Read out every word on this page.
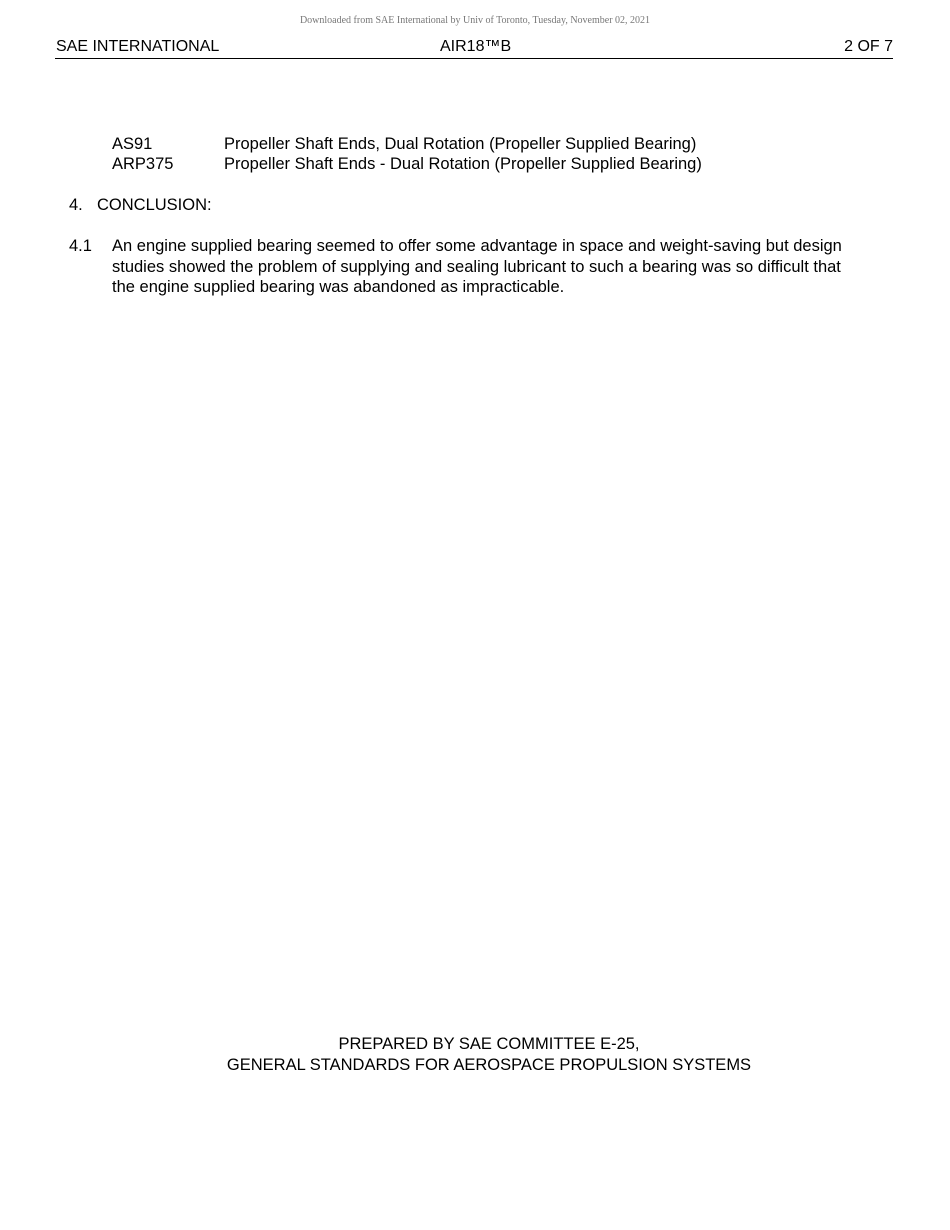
Downloaded from SAE International by Univ of Toronto, Tuesday, November 02, 2021
SAE INTERNATIONAL	AIR18™B	2 OF 7
AS91	Propeller Shaft Ends, Dual Rotation (Propeller Supplied Bearing)
ARP375	Propeller Shaft Ends - Dual Rotation (Propeller Supplied Bearing)
4. CONCLUSION:
4.1 An engine supplied bearing seemed to offer some advantage in space and weight-saving but design
studies showed the problem of supplying and sealing lubricant to such a bearing was so difficult that
the engine supplied bearing was abandoned as impracticable.
PREPARED BY SAE COMMITTEE E-25,
GENERAL STANDARDS FOR AEROSPACE PROPULSION SYSTEMS
